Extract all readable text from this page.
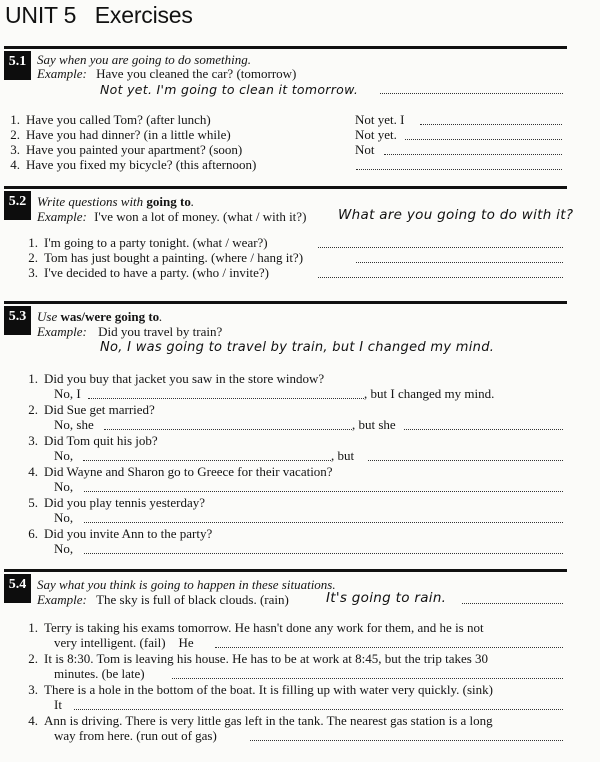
UNIT 5   Exercises
5.1 Say when you are going to do something.
Example: Have you cleaned the car? (tomorrow)
Not yet. I'm going to clean it tomorrow.
1. Have you called Tom? (after lunch)	Not yet. I
2. Have you had dinner? (in a little while)	Not yet.
3. Have you painted your apartment? (soon)	Not
4. Have you fixed my bicycle? (this afternoon)
5.2 Write questions with going to.
Example: I've won a lot of money. (what / with it?) What are you going to do with it?
1. I'm going to a party tonight. (what / wear?)
2. Tom has just bought a painting. (where / hang it?)
3. I've decided to have a party. (who / invite?)
5.3 Use was/were going to.
Example: Did you travel by train?
No, I was going to travel by train, but I changed my mind.
1. Did you buy that jacket you saw in the store window?
No, I	, but I changed my mind.
2. Did Sue get married?
No, she	, but she
3. Did Tom quit his job?
No,	, but
4. Did Wayne and Sharon go to Greece for their vacation?
No,
5. Did you play tennis yesterday?
No,
6. Did you invite Ann to the party?
No,
5.4 Say what you think is going to happen in these situations.
Example: The sky is full of black clouds. (rain)	It's going to rain.
1. Terry is taking his exams tomorrow. He hasn't done any work for them, and he is not
very intelligent. (fail)    He
2. It is 8:30. Tom is leaving his house. He has to be at work at 8:45, but the trip takes 30
minutes. (be late)
3. There is a hole in the bottom of the boat. It is filling up with water very quickly. (sink)
It
4. Ann is driving. There is very little gas left in the tank. The nearest gas station is a long
way from here. (run out of gas)
